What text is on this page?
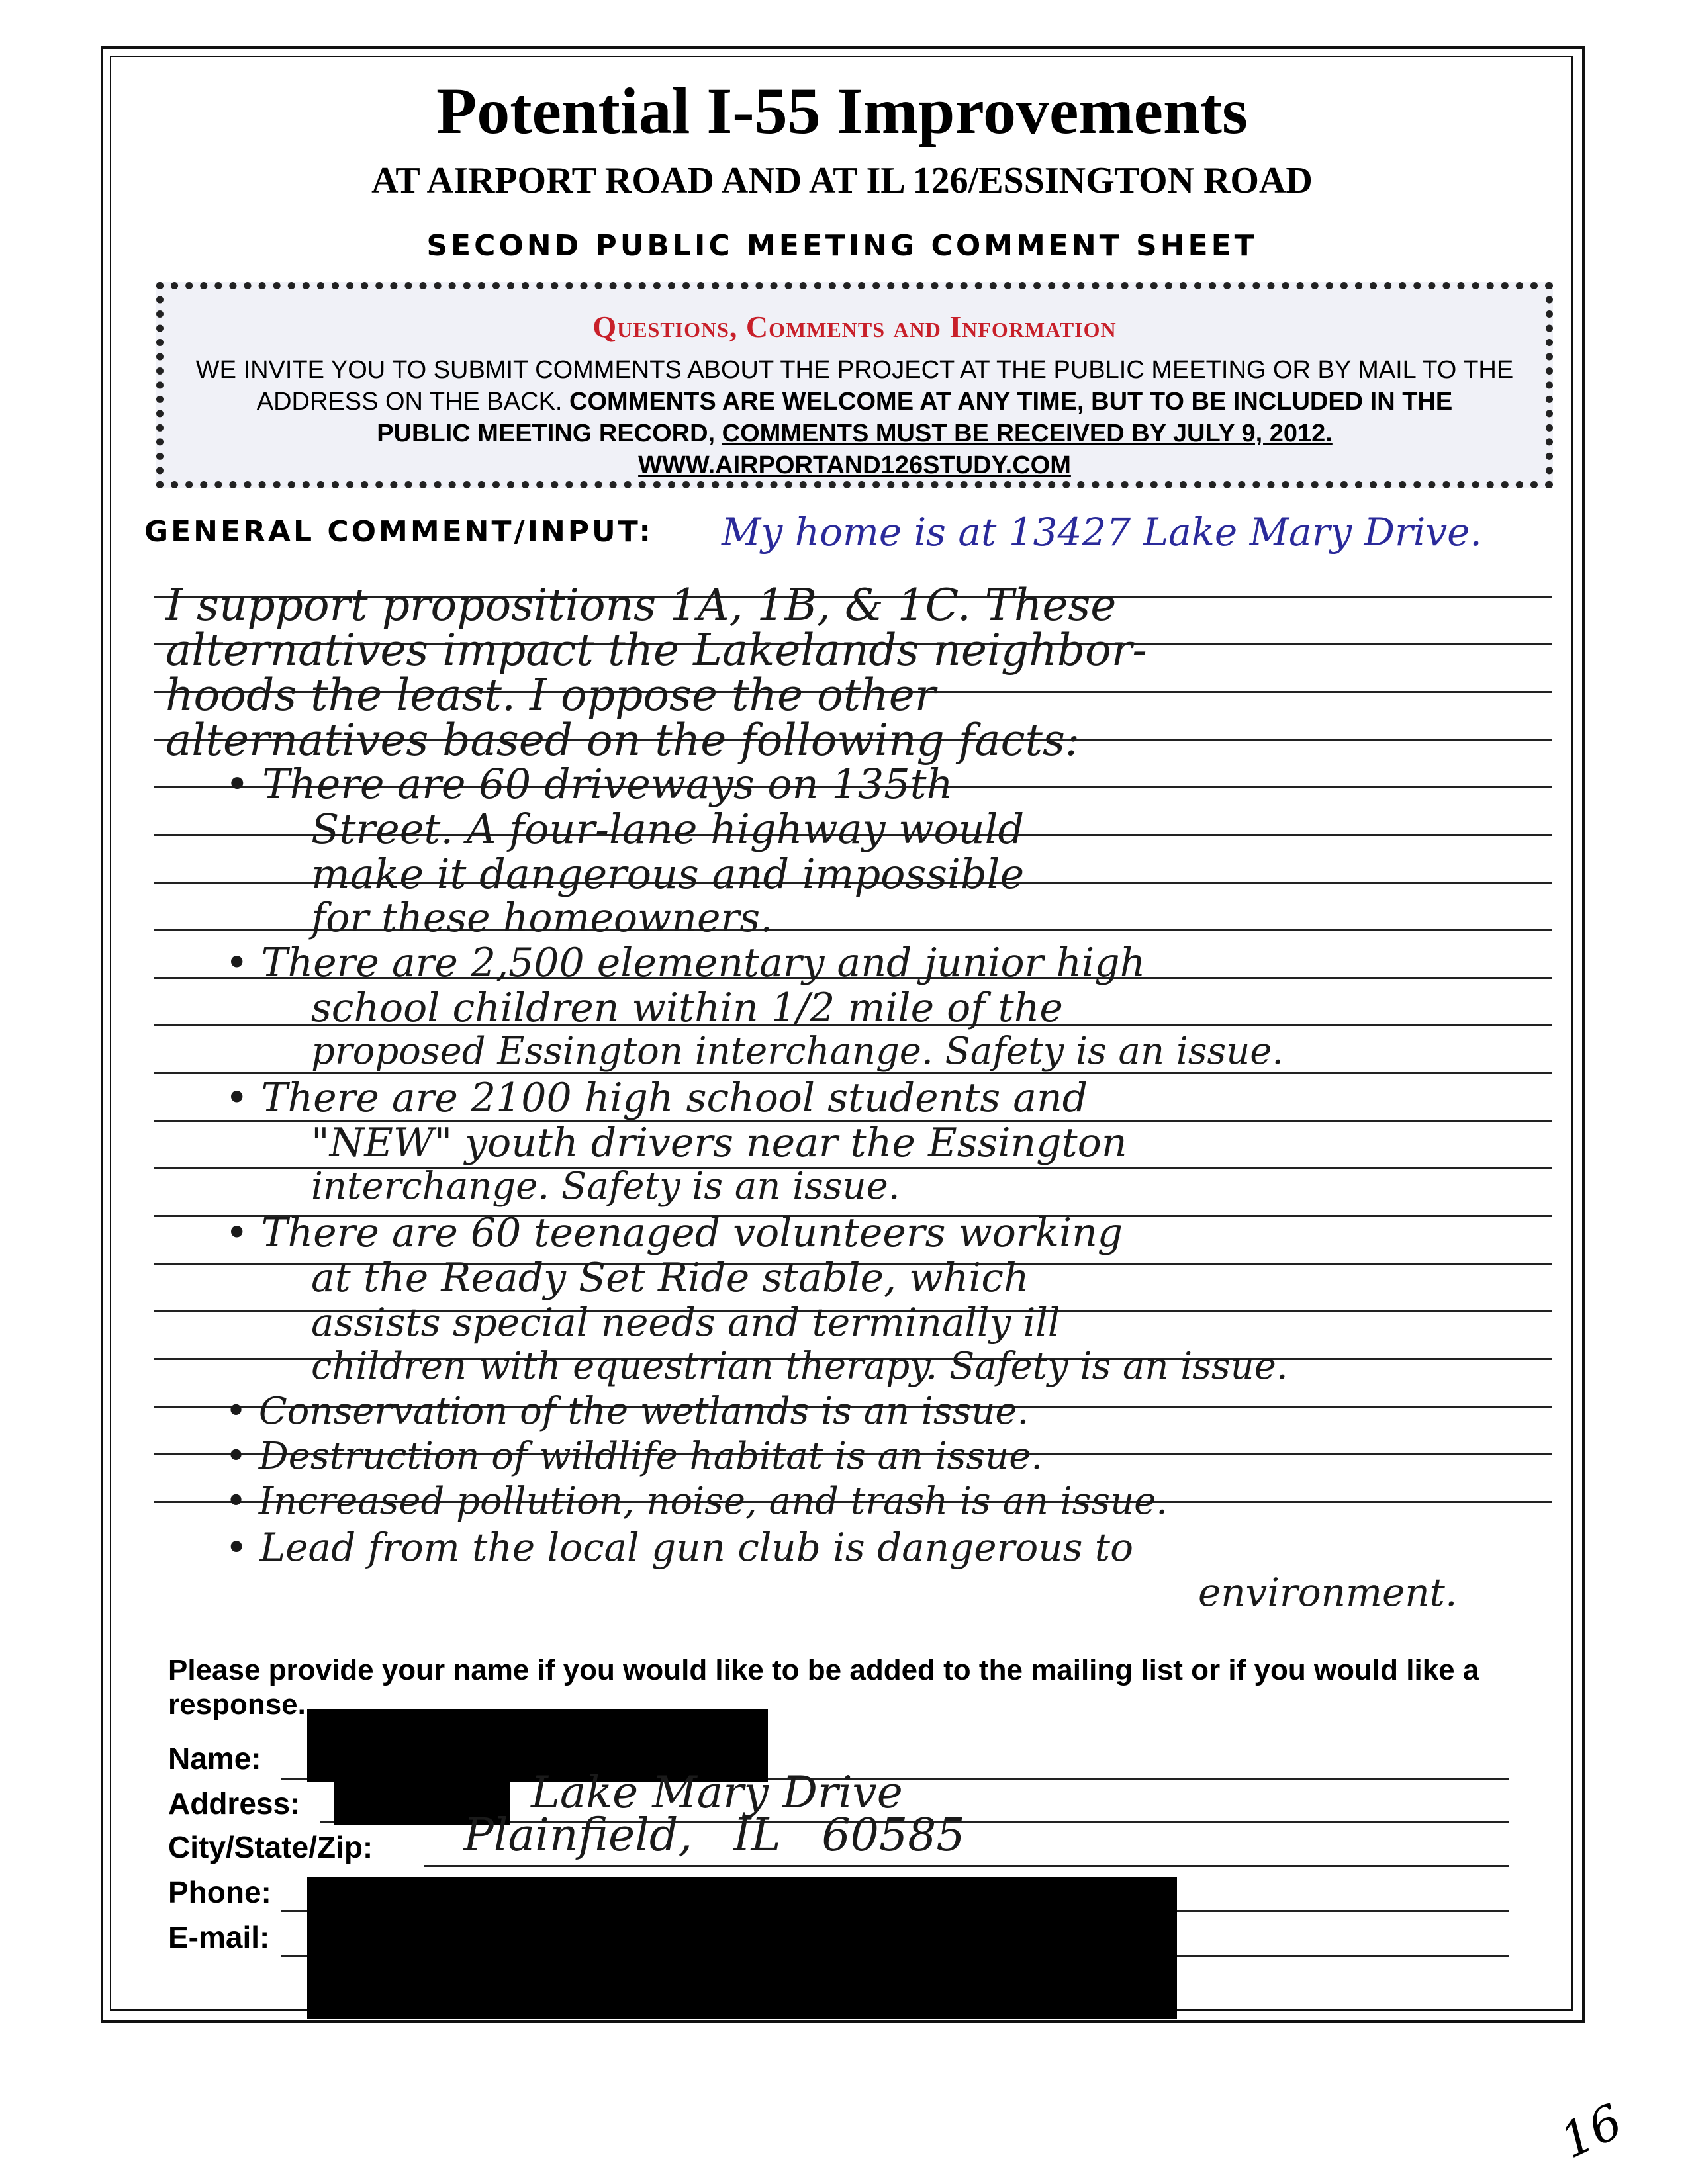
Potential I-55 Improvements
AT AIRPORT ROAD AND AT IL 126/ESSINGTON ROAD
SECOND PUBLIC MEETING COMMENT SHEET
Questions, Comments and Information
WE INVITE YOU TO SUBMIT COMMENTS ABOUT THE PROJECT AT THE PUBLIC MEETING OR BY MAIL TO THE
ADDRESS ON THE BACK. COMMENTS ARE WELCOME AT ANY TIME, BUT TO BE INCLUDED IN THE
PUBLIC MEETING RECORD, COMMENTS MUST BE RECEIVED BY JULY 9, 2012.
WWW.AIRPORTAND126STUDY.COM
GENERAL COMMENT/INPUT: My home is at 13427 Lake Mary Drive.
I support propositions 1A, 1B, & 1C. These
alternatives impact the Lakelands neighbor-
hoods the least. I oppose the other
alternatives based on the following facts:
• There are 60 driveways on 135th
Street. A four-lane highway would
make it dangerous and impossible
for these homeowners.
• There are 2,500 elementary and junior high
school children within 1/2 mile of the
proposed Essington interchange. Safety is an issue.
• There are 2100 high school students and
"NEW" youth drivers near the Essington
interchange. Safety is an issue.
• There are 60 teenaged volunteers working
at the Ready Set Ride stable, which
assists special needs and terminally ill
children with equestrian therapy. Safety is an issue.
• Conservation of the wetlands is an issue.
• Destruction of wildlife habitat is an issue.
• Increased pollution, noise, and trash is an issue.
• Lead from the local gun club is dangerous to
environment.
Please provide your name if you would like to be added to the mailing list or if you would like a response.
Name:
Address:	Lake Mary Drive
City/State/Zip: Plainfield, IL 60585
Phone:
E-mail:
16
